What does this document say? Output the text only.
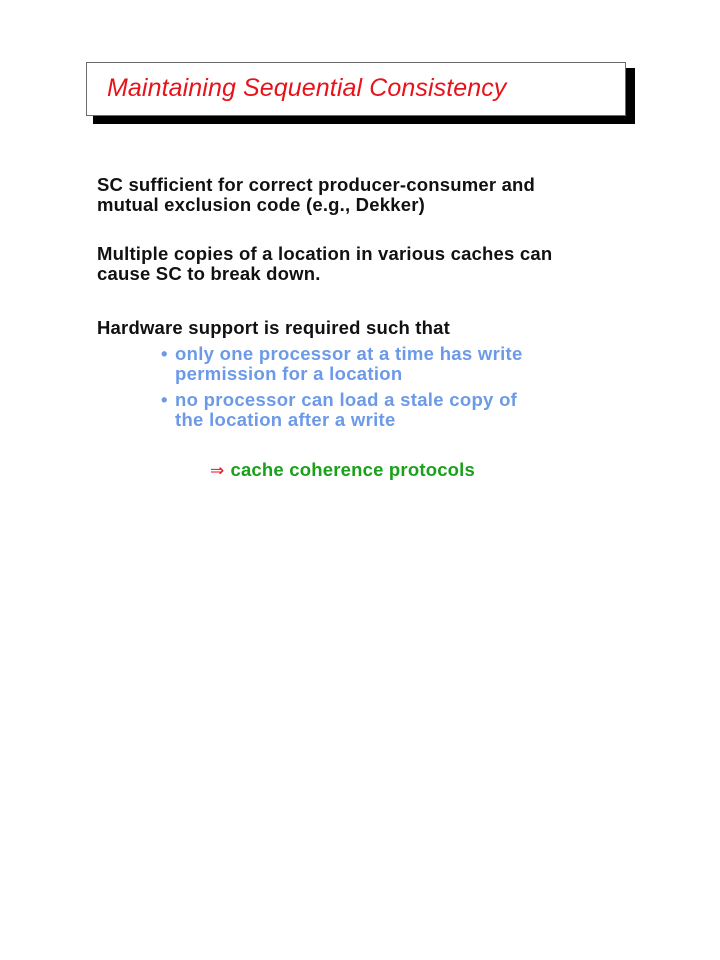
Maintaining Sequential Consistency
SC sufficient for correct producer-consumer and
mutual exclusion code (e.g., Dekker)
Multiple copies of a location in various caches can
cause SC to break down.
Hardware support is required such that
• only one processor at a time has write
permission for a location
• no processor can load a stale copy of
the location after a write
⇒ cache coherence protocols
